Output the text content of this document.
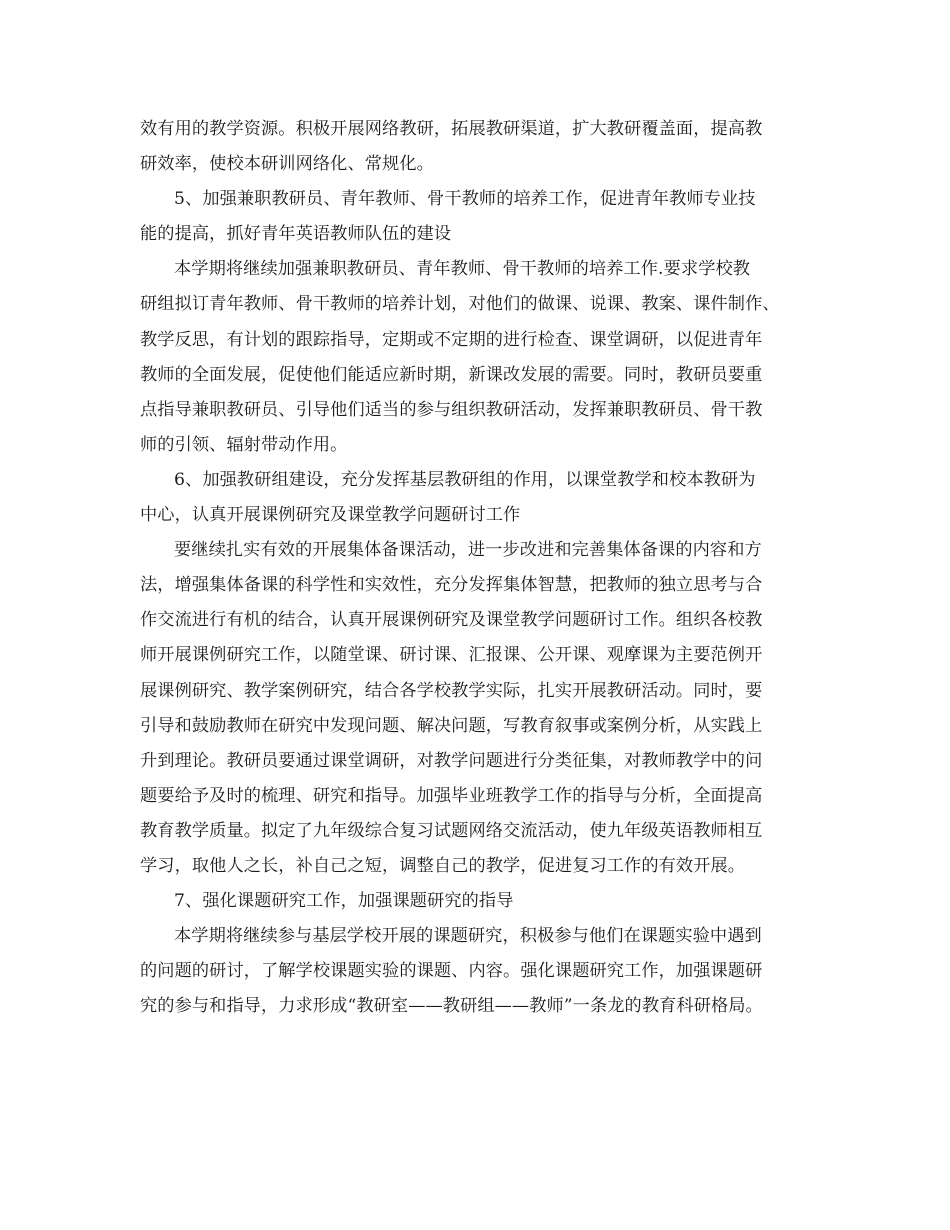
效有用的教学资源。积极开展网络教研，拓展教研渠道，扩大教研覆盖面，提高教
研效率，使校本研训网络化、常规化。
5、加强兼职教研员、青年教师、骨干教师的培养工作，促进青年教师专业技
能的提高，抓好青年英语教师队伍的建设
本学期将继续加强兼职教研员、青年教师、骨干教师的培养工作.要求学校教
研组拟订青年教师、骨干教师的培养计划，对他们的做课、说课、教案、课件制作、
教学反思，有计划的跟踪指导，定期或不定期的进行检查、课堂调研，以促进青年
教师的全面发展，促使他们能适应新时期，新课改发展的需要。同时，教研员要重
点指导兼职教研员、引导他们适当的参与组织教研活动，发挥兼职教研员、骨干教
师的引领、辐射带动作用。
6、加强教研组建设，充分发挥基层教研组的作用，以课堂教学和校本教研为
中心，认真开展课例研究及课堂教学问题研讨工作
要继续扎实有效的开展集体备课活动，进一步改进和完善集体备课的内容和方
法，增强集体备课的科学性和实效性，充分发挥集体智慧，把教师的独立思考与合
作交流进行有机的结合，认真开展课例研究及课堂教学问题研讨工作。组织各校教
师开展课例研究工作，以随堂课、研讨课、汇报课、公开课、观摩课为主要范例开
展课例研究、教学案例研究，结合各学校教学实际，扎实开展教研活动。同时，要
引导和鼓励教师在研究中发现问题、解决问题，写教育叙事或案例分析，从实践上
升到理论。教研员要通过课堂调研，对教学问题进行分类征集，对教师教学中的问
题要给予及时的梳理、研究和指导。加强毕业班教学工作的指导与分析，全面提高
教育教学质量。拟定了九年级综合复习试题网络交流活动，使九年级英语教师相互
学习，取他人之长，补自己之短，调整自己的教学，促进复习工作的有效开展。
7、强化课题研究工作，加强课题研究的指导
本学期将继续参与基层学校开展的课题研究，积极参与他们在课题实验中遇到
的问题的研讨，了解学校课题实验的课题、内容。强化课题研究工作，加强课题研
究的参与和指导，力求形成“教研室——教研组——教师”一条龙的教育科研格局。
